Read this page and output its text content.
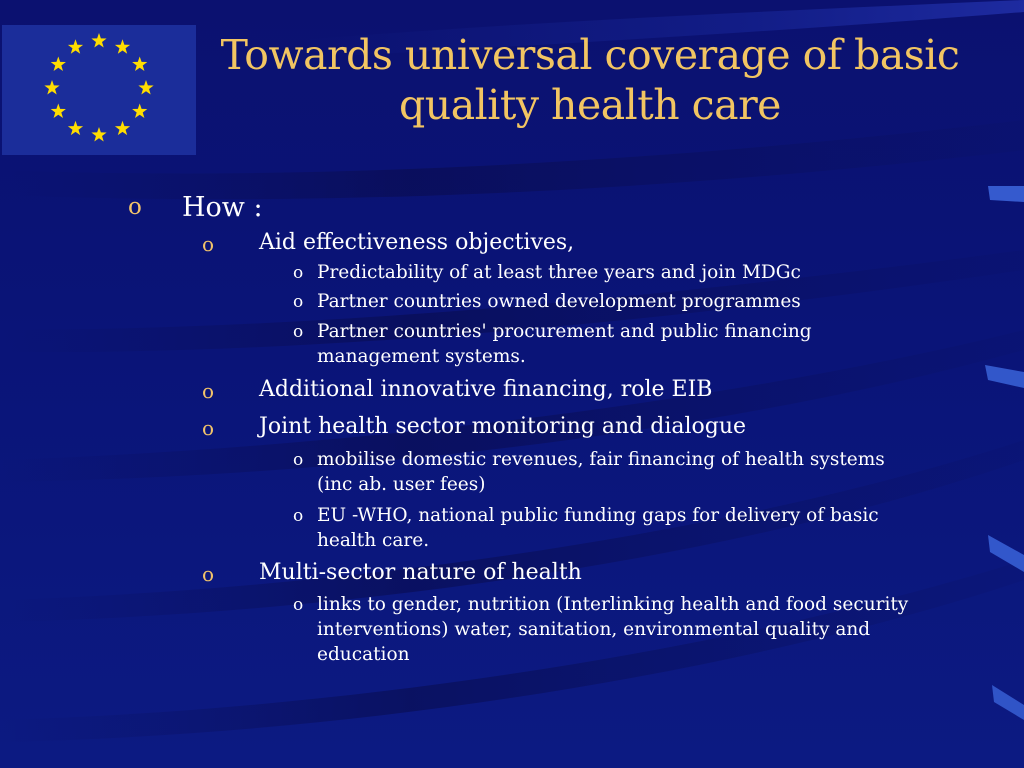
Towards universal coverage of basic
quality health care
o How :
o Aid effectiveness objectives,
o Predictability of at least three years and join MDGc
o Partner countries owned development programmes
o Partner countries' procurement and public financing
management systems.
o Additional innovative financing, role EIB
o Joint health sector monitoring and dialogue
o mobilise domestic revenues, fair financing of health systems
(inc ab. user fees)
o EU -WHO, national public funding gaps for delivery of basic
health care.
o Multi-sector nature of health
o links to gender, nutrition (Interlinking health and food security
interventions) water, sanitation, environmental quality and
education
